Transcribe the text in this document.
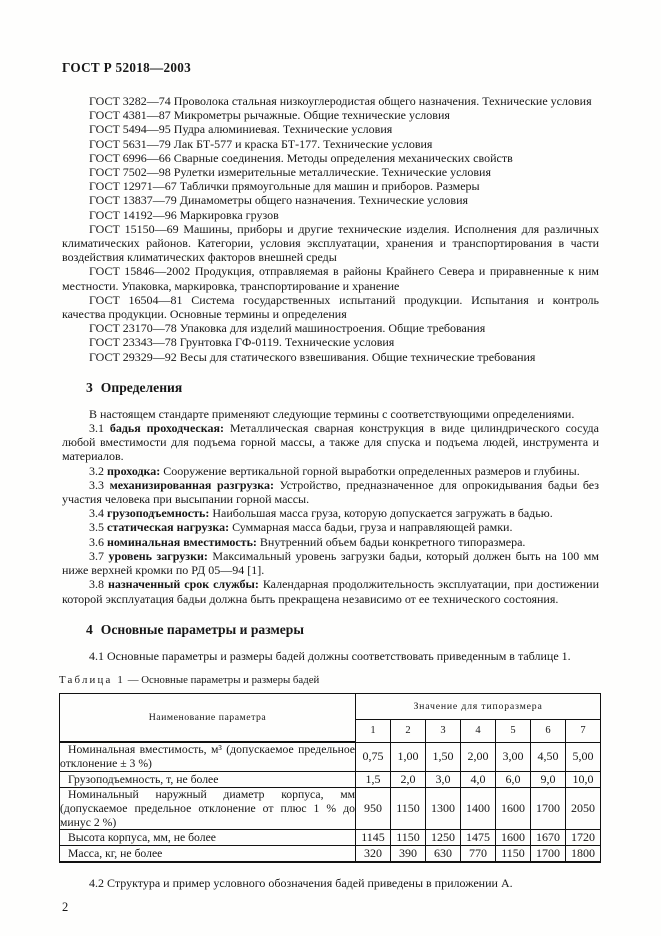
ГОСТ Р 52018—2003

ГОСТ 3282—74 Проволока стальная низкоуглеродистая общего назначения. Технические условия

ГОСТ 4381—87 Микрометры рычажные. Общие технические условия

ГОСТ 5494—95 Пудра алюминиевая. Технические условия

ГОСТ 5631—79 Лак БТ-577 и краска БТ-177. Технические условия

ГОСТ 6996—66 Сварные соединения. Методы определения механических свойств

ГОСТ 7502—98 Рулетки измерительные металлические. Технические условия

ГОСТ 12971—67 Таблички прямоугольные для машин и приборов. Размеры

ГОСТ 13837—79 Динамометры общего назначения. Технические условия

ГОСТ 14192—96 Маркировка грузов

ГОСТ 15150—69 Машины, приборы и другие технические изделия. Исполнения для различных климатических районов. Категории, условия эксплуатации, хранения и транспортирования в части воздействия климатических факторов внешней среды

ГОСТ 15846—2002 Продукция, отправляемая в районы Крайнего Севера и приравненные к ним местности. Упаковка, маркировка, транспортирование и хранение

ГОСТ 16504—81 Система государственных испытаний продукции. Испытания и контроль качества продукции. Основные термины и определения

ГОСТ 23170—78 Упаковка для изделий машиностроения. Общие требования

ГОСТ 23343—78 Грунтовка ГФ-0119. Технические условия

ГОСТ 29329—92 Весы для статического взвешивания. Общие технические требования

3 Определения

В настоящем стандарте применяют следующие термины с соответствующими определениями.

3.1 бадья проходческая: Металлическая сварная конструкция в виде цилиндрического сосуда любой вместимости для подъема горной массы, а также для спуска и подъема людей, инструмента и материалов.

3.2 проходка: Сооружение вертикальной горной выработки определенных размеров и глубины.

3.3 механизированная разгрузка: Устройство, предназначенное для опрокидывания бадьи без участия человека при высыпании горной массы.

3.4 грузоподъемность: Наибольшая масса груза, которую допускается загружать в бадью.

3.5 статическая нагрузка: Суммарная масса бадьи, груза и направляющей рамки.

3.6 номинальная вместимость: Внутренний объем бадьи конкретного типоразмера.

3.7 уровень загрузки: Максимальный уровень загрузки бадьи, который должен быть на 100 мм ниже верхней кромки по РД 05—94 [1].

3.8 назначенный срок службы: Календарная продолжительность эксплуатации, при достижении которой эксплуатация бадьи должна быть прекращена независимо от ее технического состояния.

4 Основные параметры и размеры

4.1 Основные параметры и размеры бадей должны соответствовать приведенным в таблице 1.

Таблица 1 — Основные параметры и размеры бадей
Наименование параметра	Значение для типоразмера						
	1	2	3	4	5	6	7
Номинальная вместимость, м³ (допускаемое предельное отклонение ± 3 %)	0,75	1,00	1,50	2,00	3,00	4,50	5,00
Грузоподъемность, т, не более	1,5	2,0	3,0	4,0	6,0	9,0	10,0
Номинальный наружный диаметр корпуса, мм (допускаемое предельное отклонение от плюс 1 % до минус 2 %)	950	1150	1300	1400	1600	1700	2050
Высота корпуса, мм, не более	1145	1150	1250	1475	1600	1670	1720
Масса, кг, не более	320	390	630	770	1150	1700	1800

4.2 Структура и пример условного обозначения бадей приведены в приложении А.

2
